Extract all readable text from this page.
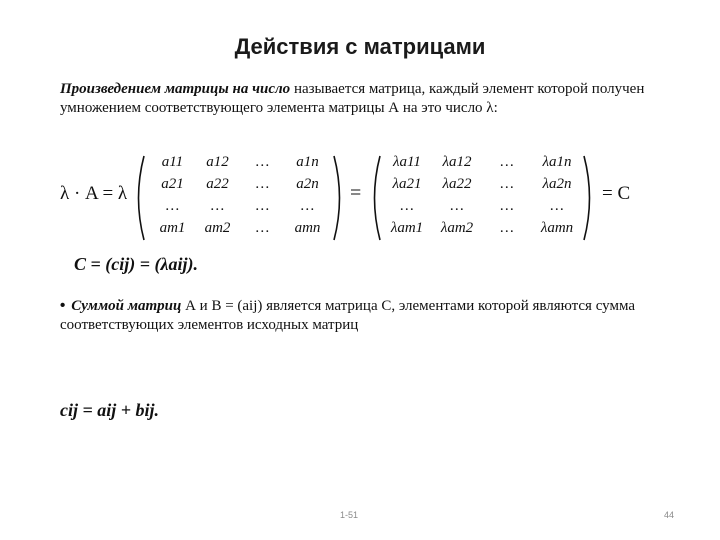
Действия с матрицами
Произведением матрицы на число называется матрица, каждый элемент которой получен умножением соответствующего элемента матрицы А на это число λ:
λ · A = λ
a11	a12	…	a1n
a21	a22	…	a2n
…	…	…	…
am1	am2	…	amn
=
λa11	λa12	…	λa1n
λa21	λa22	…	λa2n
…	…	…	…
λam1	λam2	…	λamn
= C
C = (cij) = (λaij).
• Суммой матриц А и B = (aij) является матрица C, элементами которой являются сумма соответствующих элементов исходных матриц
cij = aij + bij.
1-51	44
